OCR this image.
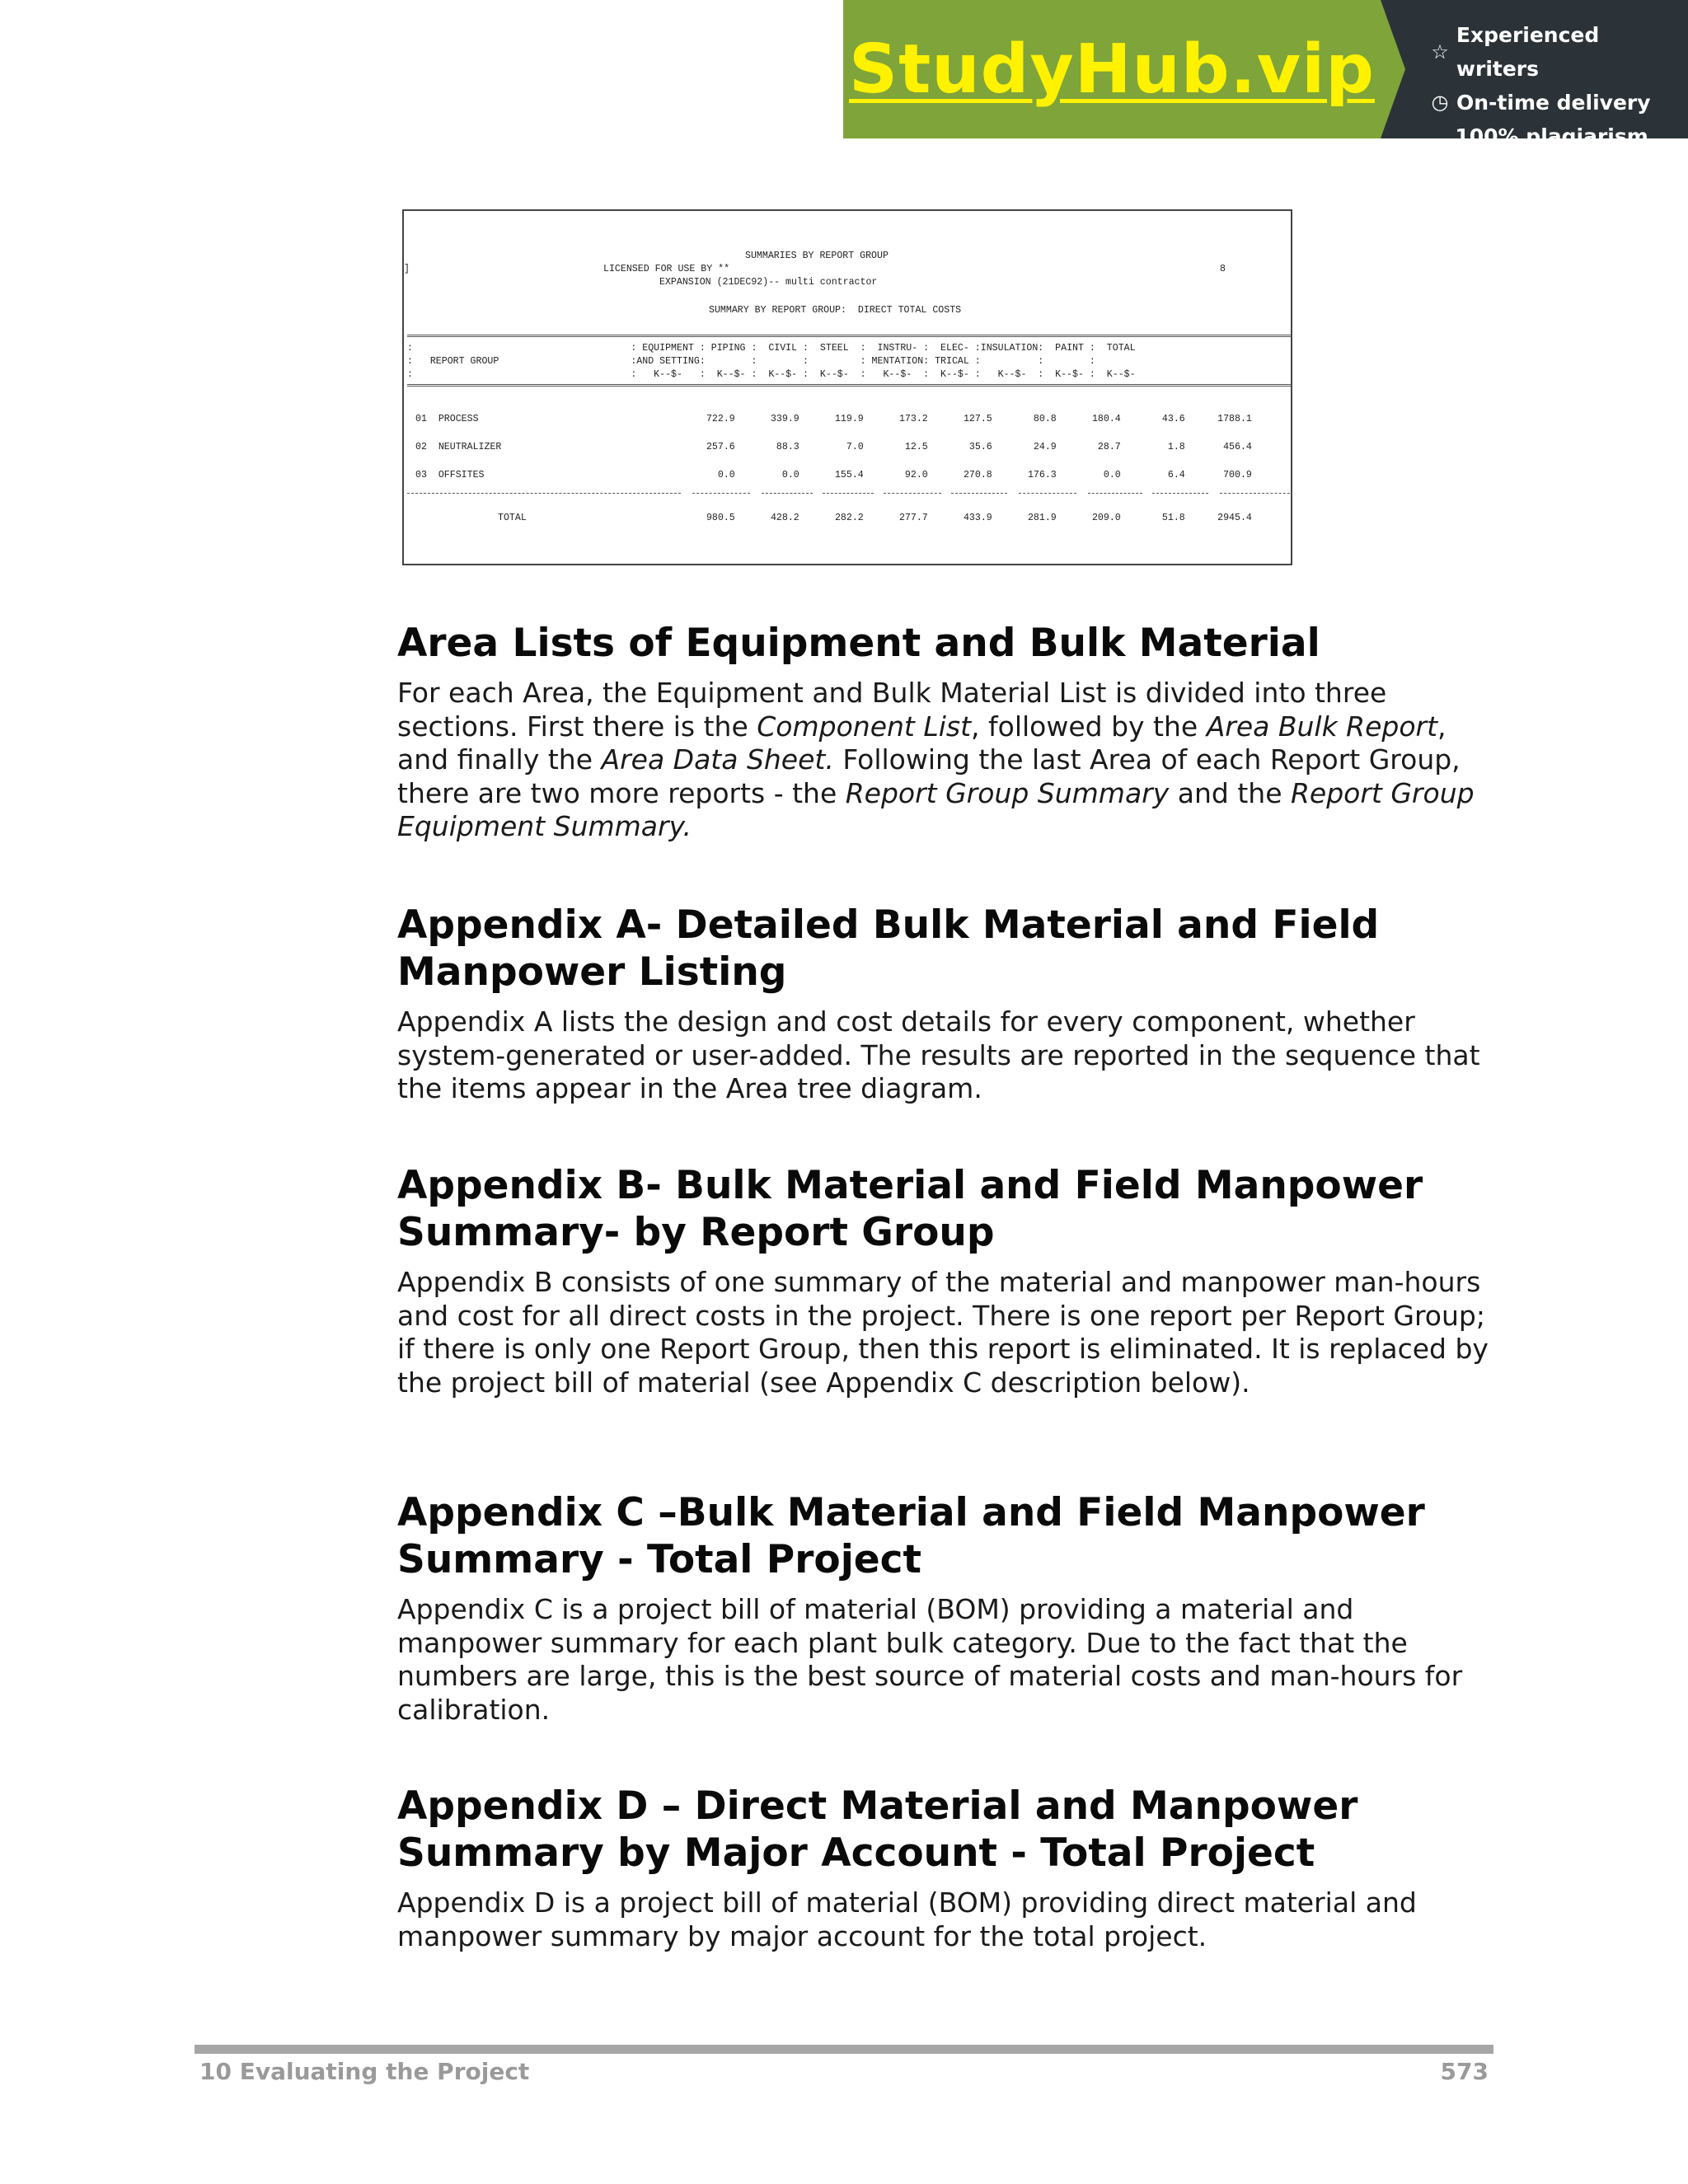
StudyHub.vip	☆
Experienced writers
◷ On-time delivery
⧉
100% plagiarism free
SUMMARIES BY REPORT GROUP
]	LICENSED FOR USE BY **	8
EXPANSION (21DEC92)-- multi contractor
SUMMARY BY REPORT GROUP:  DIRECT TOTAL COSTS
:                                      : EQUIPMENT : PIPING :  CIVIL :  STEEL  :  INSTRU- :  ELEC- :INSULATION:  PAINT :  TOTAL
:   REPORT GROUP                       :AND SETTING:        :        :         : MENTATION: TRICAL :          :        :
:                                      :   K--$-   :  K--$- :  K--$- :  K--$-  :   K--$-  :  K--$- :   K--$-  :  K--$- :  K--$-
01  PROCESS	722.9	339.9	119.9	173.2	127.5	80.8	180.4	43.6	1788.1
02  NEUTRALIZER	257.6	88.3	7.0	12.5	35.6	24.9	28.7	1.8	456.4
03  OFFSITES	0.0	0.0	155.4	92.0	270.8	176.3	0.0	6.4	700.9
TOTAL	980.5	428.2	282.2	277.7	433.9	281.9	209.0	51.8	2945.4
Area Lists of Equipment and Bulk Material

For each Area, the Equipment and Bulk Material List is divided into three sections. First there is the Component List, followed by the Area Bulk Report, and finally the Area Data Sheet. Following the last Area of each Report Group, there are two more reports - the Report Group Summary and the Report Group Equipment Summary.

Appendix A- Detailed Bulk Material and Field Manpower Listing

Appendix A lists the design and cost details for every component, whether system-generated or user-added. The results are reported in the sequence that the items appear in the Area tree diagram.

Appendix B- Bulk Material and Field Manpower Summary- by Report Group

Appendix B consists of one summary of the material and manpower man-hours and cost for all direct costs in the project. There is one report per Report Group; if there is only one Report Group, then this report is eliminated. It is replaced by the project bill of material (see Appendix C description below).

Appendix C –Bulk Material and Field Manpower Summary - Total Project

Appendix C is a project bill of material (BOM) providing a material and manpower summary for each plant bulk category. Due to the fact that the numbers are large, this is the best source of material costs and man-hours for calibration.

Appendix D – Direct Material and Manpower Summary by Major Account - Total Project

Appendix D is a project bill of material (BOM) providing direct material and manpower summary by major account for the total project.

10 Evaluating the Project	573
